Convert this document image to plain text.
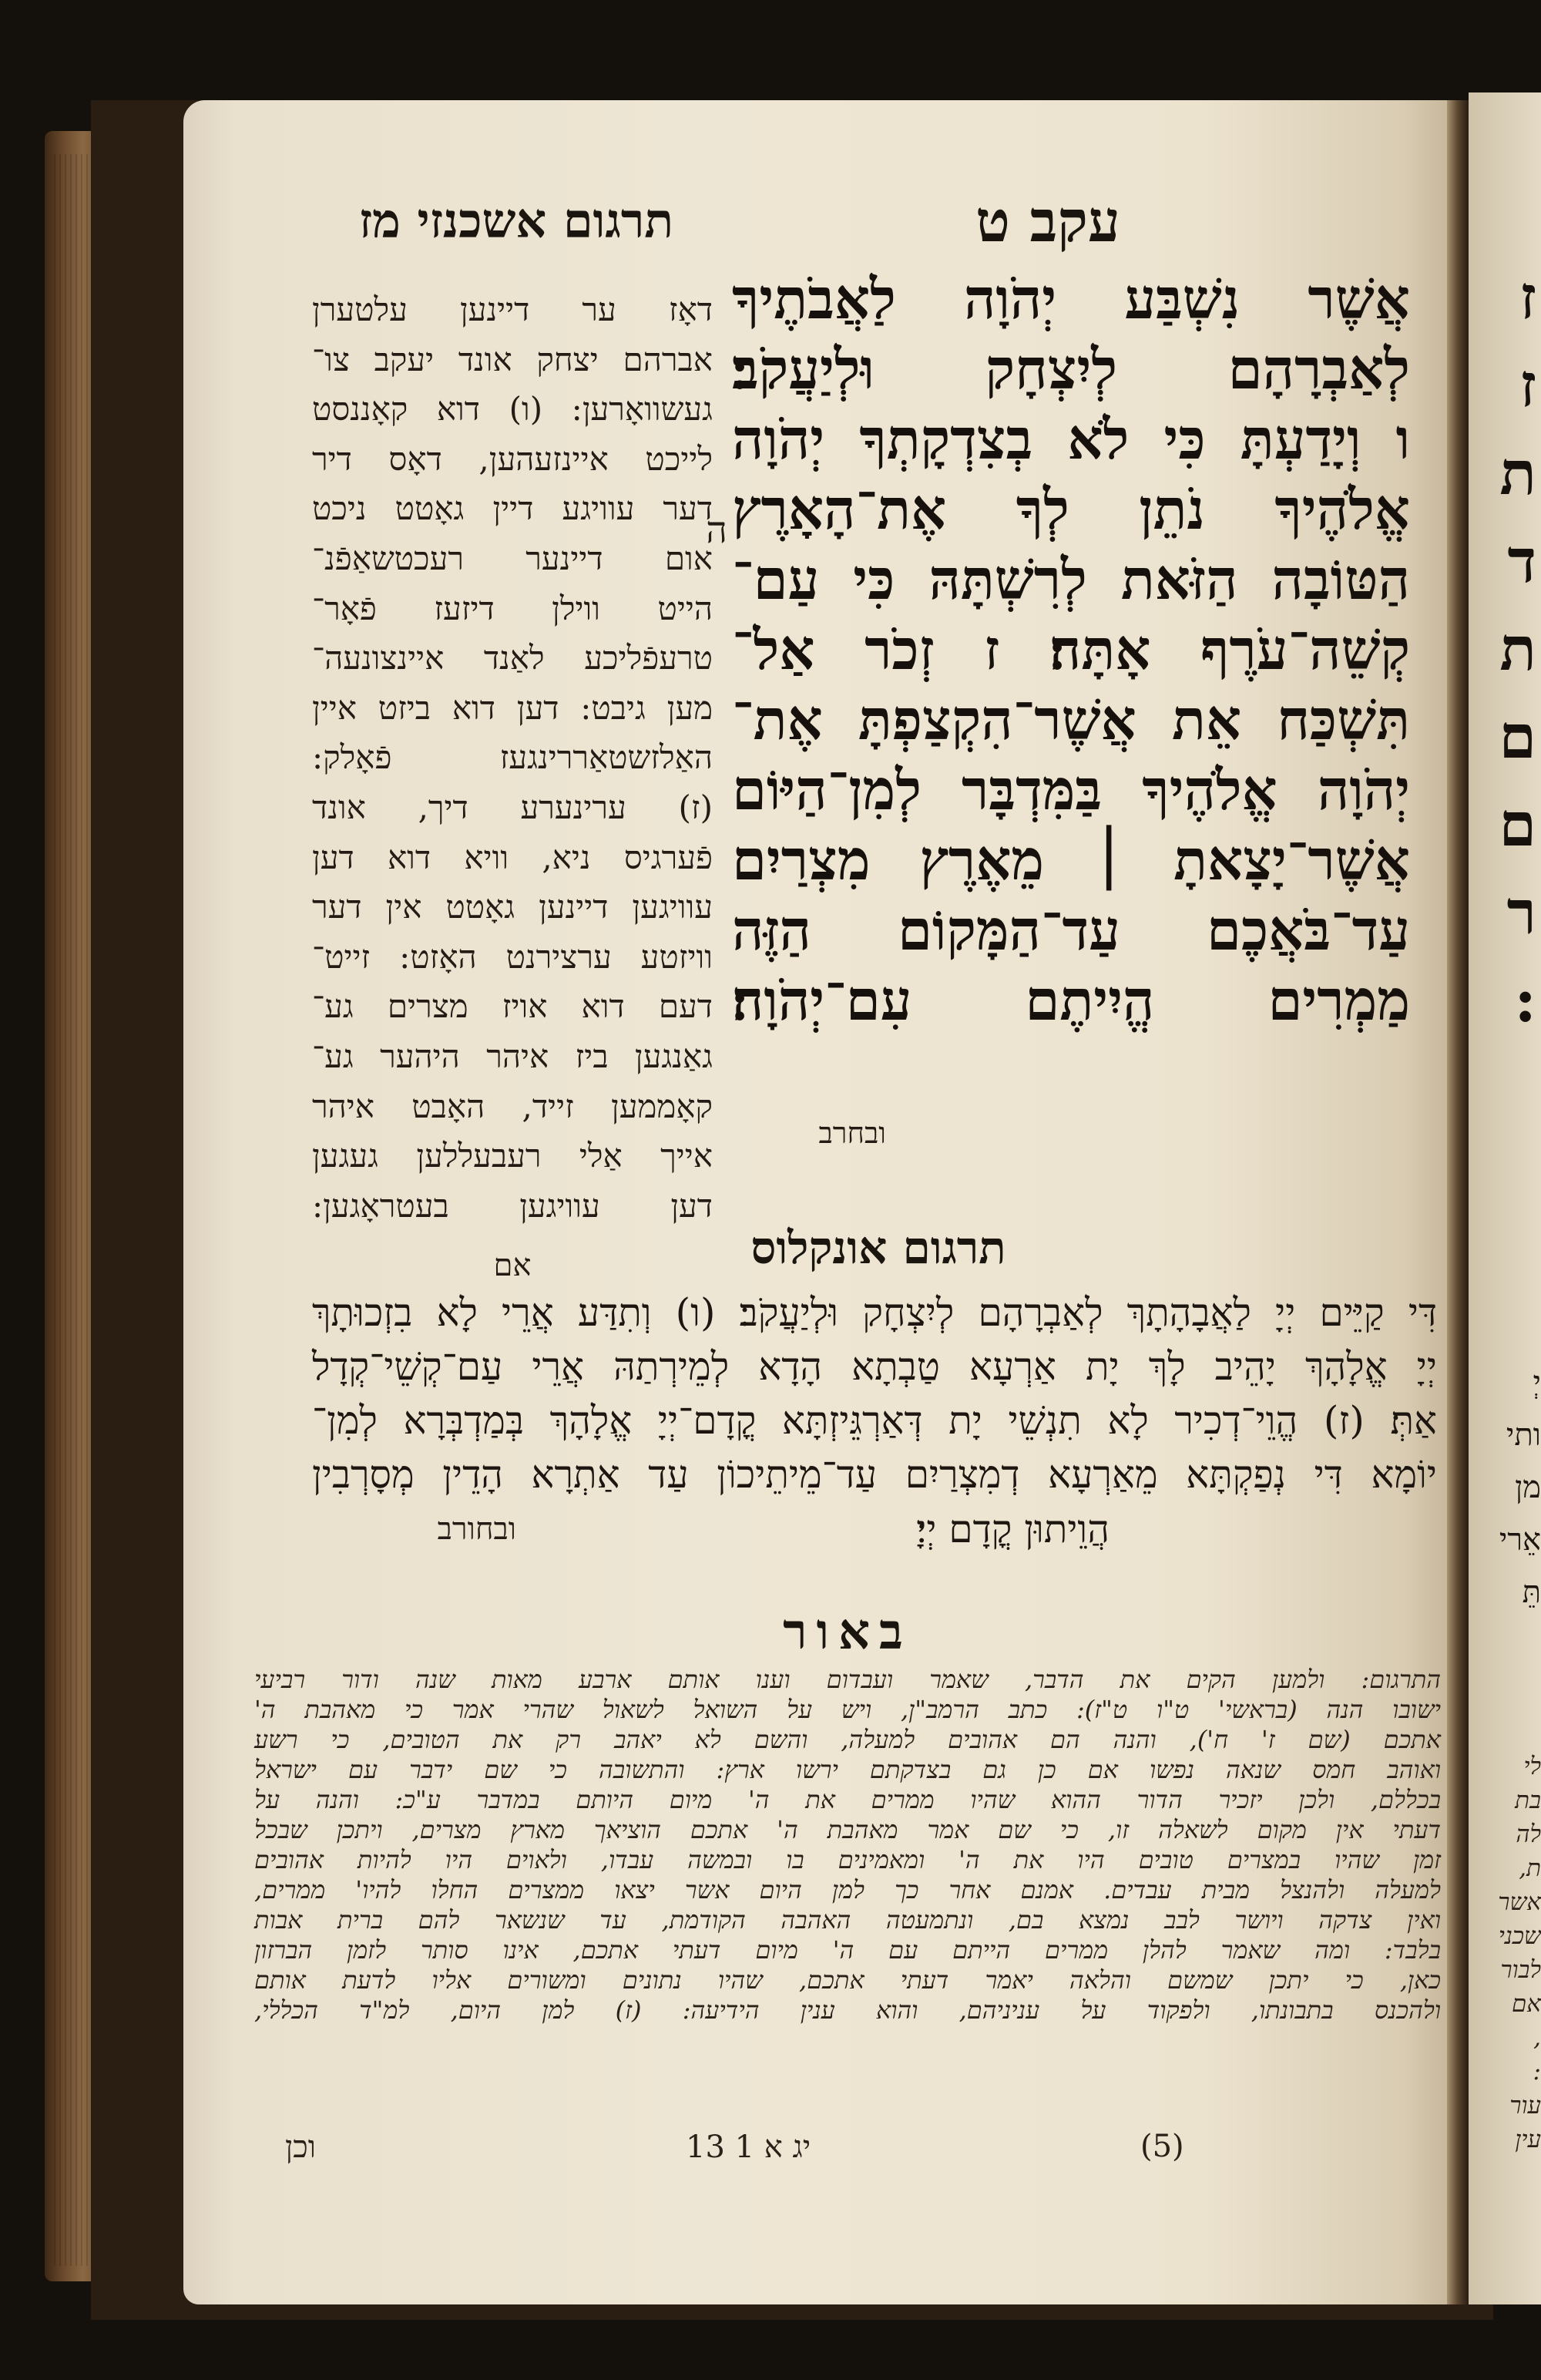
תרגום אשכנזי מז	עקב ט
דאָז ער דיינען עלטערן
אברהם יצחק אונד יעקב צו־
געשוואָרען: (ו) דוא קאָננסט
לייכט איינזעהען, דאָס דיר
דער עוויגע דיין גאָטט ניכט
אום דיינער רעכטשאַפֿנ־
הייט ווילן דיזעז פֿאָר־
טרעפֿליכע לאַנד איינצונעה־
מען גיבט: דען דוא ביזט איין
האַלזשטאַררינגעז פֿאָלק:
(ז) ערינערע דיך, אונד
פֿערגיס ניא, וויא דוא דען
עוויגען דיינען גאָטט אין דער
וויזטע ערצירנט האָזט: זייט־
דעם דוא אויז מצרים גע־
גאַנגען ביז איהר היהער גע־
קאָממען זייד, האָבט איהר
אייך אַלי רעבעללען געגען
דען עוויגען בעטראָגען:
אם
ה
אֲשֶׁר נִשְׁבַּע יְהֹוָה לַאֲבֹתֶיךָ
לְאַבְרָהָם לְיִצְחָק וּלְיַעֲקֹב׃
ו וְיָדַעְתָּ כִּי לֹא בְצִדְקָתְךָ יְהֹוָה
אֱלֹהֶיךָ נֹתֵן לְךָ אֶת־הָאָרֶץ
הַטּוֹבָה הַזֹּאת לְרִשְׁתָּהּ כִּי עַם־
קְשֵׁה־עֹרֶף אָתָּה׃ ז זְכֹר אַל־
תִּשְׁכַּח אֵת אֲשֶׁר־הִקְצַפְתָּ אֶת־
יְהֹוָה אֱלֹהֶיךָ בַּמִּדְבָּר לְמִן־הַיּוֹם
אֲשֶׁר־יָצָאתָ ׀ מֵאֶרֶץ מִצְרַיִם
עַד־בֹּאֲכֶם עַד־הַמָּקוֹם הַזֶּה
מַמְרִים הֱיִיתֶם עִם־יְהֹוָה׃
ובחרב
תרגום אונקלוס
דִּי קַיֵּים יְיָ לַאֲבָהָתָךְ לְאַבְרָהָם לְיִצְחָק וּלְיַעֲקֹב׃ (ו) וְתִדַּע אֲרֵי לָא בִזְכוּתָךְ
יְיָ אֱלָהָךְ יָהֵיב לָךְ יָת אַרְעָא טַבְתָא הָדָא לְמֵירְתַהּ אֲרֵי עַם־קְשֵׁי־קְדָל
אַתְּ׃ (ז) הֱוֵי־דְכִיר לָא תִנְשֵׁי יָת דְּאַרְגֵּיזְתָּא קֳדָם־יְיָ אֱלָהָךְ בְּמַדְבְּרָא לְמִן־
יוֹמָא דִּי נְפַקְתָּא מֵאַרְעָא דְמִצְרַיִם עַד־מֵיתֵיכוֹן עַד אַתְרָא הָדֵין מְסָרְבִין
הֲוֵיתוּן קֳדָם יְיָ׃
ובחורב
באור
התרגום: ולמען הקים את הדבר, שאמר ועבדום וענו אותם ארבע מאות שנה ודור רביעי
ישובו הנה (בראשי' ט"ו ט"ז): כתב הרמב"ן, ויש על השואל לשאול שהרי אמר כי מאהבת ה'
אתכם (שם ז' ח'), והנה הם אהובים למעלה, והשם לא יאהב רק את הטובים, כי רשע
ואוהב חמס שנאה נפשו אם כן גם בצדקתם ירשו ארץ: והתשובה כי שם ידבר עם ישראל
בכללם, ולכן יזכיר הדור ההוא שהיו ממרים את ה' מיום היותם במדבר ע"כ: והנה על
דעתי אין מקום לשאלה זו, כי שם אמר מאהבת ה' אתכם הוציאך מארץ מצרים, ויתכן שבכל
זמן שהיו במצרים טובים היו את ה' ומאמינים בו ובמשה עבדו, ולאוים היו להיות אהובים
למעלה ולהנצל מבית עבדים. אמנם אחר כך למן היום אשר יצאו ממצרים החלו להיו' ממרים,
ואין צדקה ויושר לבב נמצא בם, ונתמעטה האהבה הקודמת, עד שנשאר להם ברית אבות
בלבד: ומה שאמר להלן ממרים הייתם עם ה' מיום דעתי אתכם, אינו סותר לזמן הברזון
כאן, כי יתכן שמשם והלאה יאמר דעתי אתכם, שהיו נתונים ומשורים אליו לדעת אותם
ולהכנס בתבונתו, ולפקוד על עניניהם, והוא ענין הידיעה: (ז) למן היום, למ"ד הכללי,
וכן	יג א 1 13	(5)
ז
ז
ת
ד
ת
ם
ם
ר
:
יְ
ותי
מן
אֵרי
תֵּ
לי
בת
לה
ת,
אשר
שכני
לבור
אם
,
:
עור
עין
